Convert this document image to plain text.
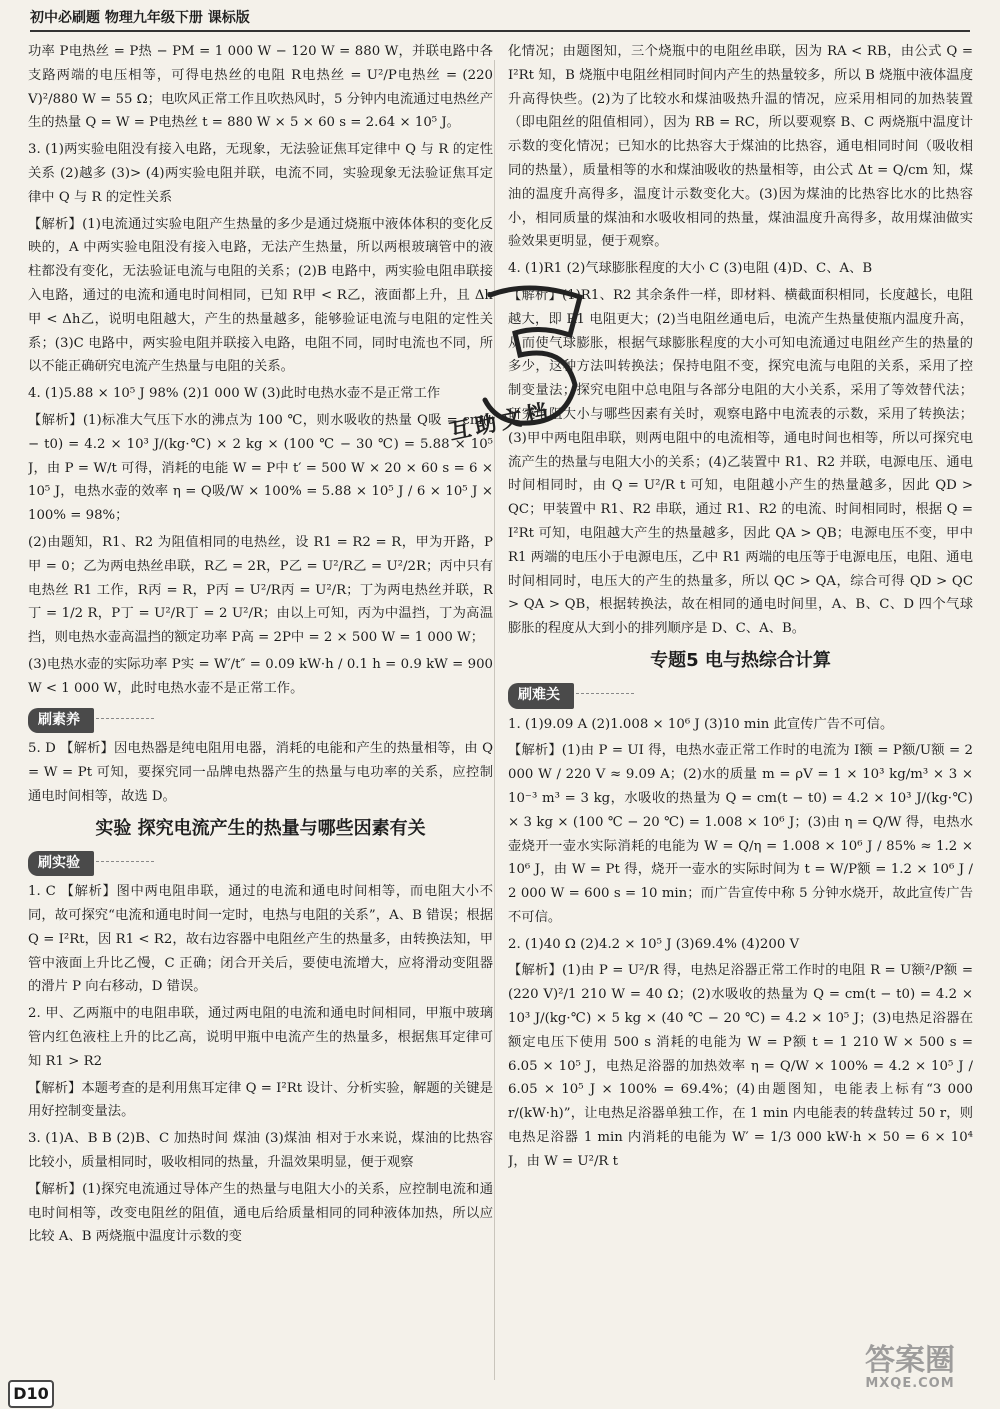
初中必刷题 物理九年级下册 课标版

功率 P电热丝 = P热 − PM = 1 000 W − 120 W = 880 W，并联电路中各支路两端的电压相等，可得电热丝的电阻 R电热丝 = U²/P电热丝 = (220 V)²/880 W = 55 Ω；电吹风正常工作且吹热风时，5 分钟内电流通过电热丝产生的热量 Q = W = P电热丝 t = 880 W × 5 × 60 s = 2.64 × 10⁵ J。

3. (1)两实验电阻没有接入电路，无现象，无法验证焦耳定律中 Q 与 R 的定性关系 (2)越多 (3)> (4)两实验电阻并联，电流不同，实验现象无法验证焦耳定律中 Q 与 R 的定性关系

【解析】(1)电流通过实验电阻产生热量的多少是通过烧瓶中液体体积的变化反映的，A 中两实验电阻没有接入电路，无法产生热量，所以两根玻璃管中的液柱都没有变化，无法验证电流与电阻的关系；(2)B 电路中，两实验电阻串联接入电路，通过的电流和通电时间相同，已知 R甲 < R乙，液面都上升，且 Δh甲 < Δh乙，说明电阻越大，产生的热量越多，能够验证电流与电阻的定性关系；(3)C 电路中，两实验电阻并联接入电路，电阻不同，同时电流也不同，所以不能正确研究电流产生热量与电阻的关系。

4. (1)5.88 × 10⁵ J 98% (2)1 000 W (3)此时电热水壶不是正常工作

【解析】(1)标准大气压下水的沸点为 100 ℃，则水吸收的热量 Q吸 = cm(t − t0) = 4.2 × 10³ J/(kg·℃) × 2 kg × (100 ℃ − 30 ℃) = 5.88 × 10⁵ J，由 P = W/t 可得，消耗的电能 W = P中 t′ = 500 W × 20 × 60 s = 6 × 10⁵ J，电热水壶的效率 η = Q吸/W × 100% = 5.88 × 10⁵ J / 6 × 10⁵ J × 100% = 98%；

(2)由题知，R1、R2 为阻值相同的电热丝，设 R1 = R2 = R，甲为开路，P甲 = 0；乙为两电热丝串联，R乙 = 2R，P乙 = U²/R乙 = U²/2R；丙中只有电热丝 R1 工作，R丙 = R，P丙 = U²/R丙 = U²/R；丁为两电热丝并联，R丁 = 1/2 R，P丁 = U²/R丁 = 2 U²/R；由以上可知，丙为中温挡，丁为高温挡，则电热水壶高温挡的额定功率 P高 = 2P中 = 2 × 500 W = 1 000 W；

(3)电热水壶的实际功率 P实 = W′/t″ = 0.09 kW·h / 0.1 h = 0.9 kW = 900 W < 1 000 W，此时电热水壶不是正常工作。

刷素养

5. D 【解析】因电热器是纯电阻用电器，消耗的电能和产生的热量相等，由 Q = W = Pt 可知，要探究同一品牌电热器产生的热量与电功率的关系，应控制通电时间相等，故选 D。

实验 探究电流产生的热量与哪些因素有关
刷实验

1. C 【解析】图中两电阻串联，通过的电流和通电时间相等，而电阻大小不同，故可探究“电流和通电时间一定时，电热与电阻的关系”，A、B 错误；根据 Q = I²Rt，因 R1 < R2，故右边容器中电阻丝产生的热量多，由转换法知，甲管中液面上升比乙慢，C 正确；闭合开关后，要使电流增大，应将滑动变阻器的滑片 P 向右移动，D 错误。

2. 甲、乙两瓶中的电阻串联，通过两电阻的电流和通电时间相同，甲瓶中玻璃管内红色液柱上升的比乙高，说明甲瓶中电流产生的热量多，根据焦耳定律可知 R1 > R2

【解析】本题考查的是利用焦耳定律 Q = I²Rt 设计、分析实验，解题的关键是用好控制变量法。

3. (1)A、B B (2)B、C 加热时间 煤油 (3)煤油 相对于水来说，煤油的比热容比较小，质量相同时，吸收相同的热量，升温效果明显，便于观察

【解析】(1)探究电流通过导体产生的热量与电阻大小的关系，应控制电流和通电时间相等，改变电阻丝的阻值，通电后给质量相同的同种液体加热，所以应比较 A、B 两烧瓶中温度计示数的变

化情况；由题图知，三个烧瓶中的电阻丝串联，因为 RA < RB，由公式 Q = I²Rt 知，B 烧瓶中电阻丝相同时间内产生的热量较多，所以 B 烧瓶中液体温度升高得快些。(2)为了比较水和煤油吸热升温的情况，应采用相同的加热装置（即电阻丝的阻值相同），因为 RB = RC，所以要观察 B、C 两烧瓶中温度计示数的变化情况；已知水的比热容大于煤油的比热容，通电相同时间（吸收相同的热量），质量相等的水和煤油吸收的热量相等，由公式 Δt = Q/cm 知，煤油的温度升高得多，温度计示数变化大。(3)因为煤油的比热容比水的比热容小，相同质量的煤油和水吸收相同的热量，煤油温度升高得多，故用煤油做实验效果更明显，便于观察。

4. (1)R1 (2)气球膨胀程度的大小 C (3)电阻 (4)D、C、A、B

【解析】(1)R1、R2 其余条件一样，即材料、横截面积相同，长度越长，电阻越大，即 R1 电阻更大；(2)当电阻丝通电后，电流产生热量使瓶内温度升高，从而使气球膨胀，根据气球膨胀程度的大小可知电流通过电阻丝产生的热量的多少，这种方法叫转换法；保持电阻不变，探究电流与电阻的关系，采用了控制变量法；探究电阻中总电阻与各部分电阻的大小关系，采用了等效替代法；研究电阻大小与哪些因素有关时，观察电路中电流表的示数，采用了转换法；(3)甲中两电阻串联，则两电阻中的电流相等，通电时间也相等，所以可探究电流产生的热量与电阻大小的关系；(4)乙装置中 R1、R2 并联，电源电压、通电时间相同时，由 Q = U²/R t 可知，电阻越小产生的热量越多，因此 QD > QC；甲装置中 R1、R2 串联，通过 R1、R2 的电流、时间相同时，根据 Q = I²Rt 可知，电阻越大产生的热量越多，因此 QA > QB；电源电压不变，甲中 R1 两端的电压小于电源电压，乙中 R1 两端的电压等于电源电压，电阻、通电时间相同时，电压大的产生的热量多，所以 QC > QA，综合可得 QD > QC > QA > QB，根据转换法，故在相同的通电时间里，A、B、C、D 四个气球膨胀的程度从大到小的排列顺序是 D、C、A、B。

专题5 电与热综合计算
刷难关

1. (1)9.09 A (2)1.008 × 10⁶ J (3)10 min 此宣传广告不可信。

【解析】(1)由 P = UI 得，电热水壶正常工作时的电流为 I额 = P额/U额 = 2 000 W / 220 V ≈ 9.09 A；(2)水的质量 m = ρV = 1 × 10³ kg/m³ × 3 × 10⁻³ m³ = 3 kg，水吸收的热量为 Q = cm(t − t0) = 4.2 × 10³ J/(kg·℃) × 3 kg × (100 ℃ − 20 ℃) = 1.008 × 10⁶ J；(3)由 η = Q/W 得，电热水壶烧开一壶水实际消耗的电能为 W = Q/η = 1.008 × 10⁶ J / 85% ≈ 1.2 × 10⁶ J，由 W = Pt 得，烧开一壶水的实际时间为 t = W/P额 = 1.2 × 10⁶ J / 2 000 W = 600 s = 10 min；而广告宣传中称 5 分钟水烧开，故此宣传广告不可信。

2. (1)40 Ω (2)4.2 × 10⁵ J (3)69.4% (4)200 V

【解析】(1)由 P = U²/R 得，电热足浴器正常工作时的电阻 R = U额²/P额 = (220 V)²/1 210 W = 40 Ω；(2)水吸收的热量为 Q = cm(t − t0) = 4.2 × 10³ J/(kg·℃) × 5 kg × (40 ℃ − 20 ℃) = 4.2 × 10⁵ J；(3)电热足浴器在额定电压下使用 500 s 消耗的电能为 W = P额 t = 1 210 W × 500 s = 6.05 × 10⁵ J，电热足浴器的加热效率 η = Q/W × 100% = 4.2 × 10⁵ J / 6.05 × 10⁵ J × 100% = 69.4%；(4)由题图知，电能表上标有“3 000 r/(kW·h)”，让电热足浴器单独工作，在 1 min 内电能表的转盘转过 50 r，则电热足浴器 1 min 内消耗的电能为 W′ = 1/3 000 kW·h × 50 = 6 × 10⁴ J，由 W = U²/R t

互助文档
D10
答案圈
MXQE.COM
